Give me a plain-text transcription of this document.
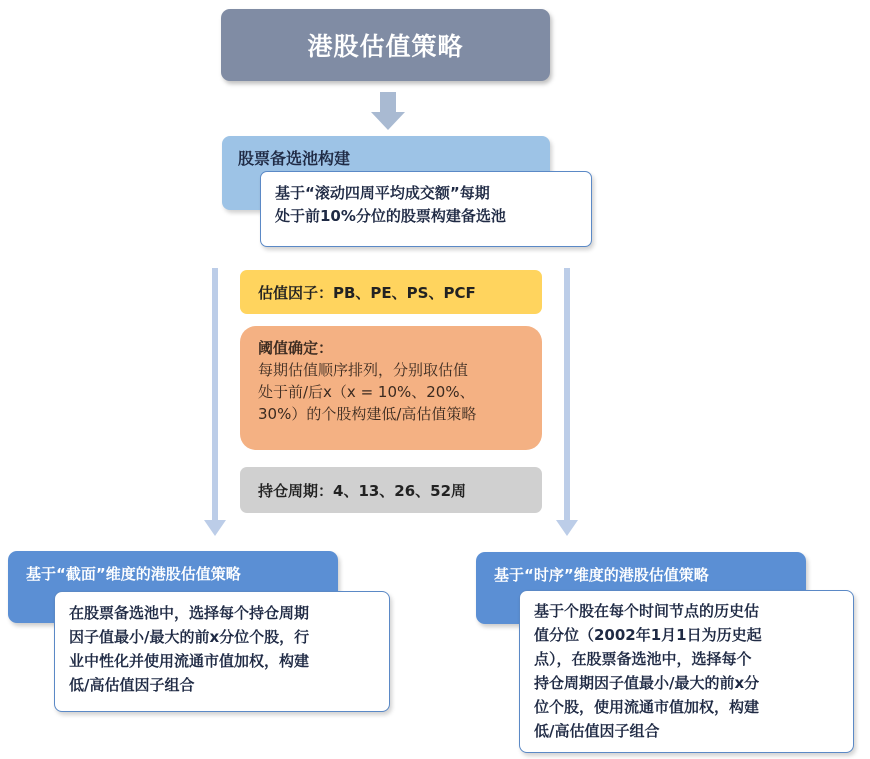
港股估值策略
股票备选池构建
基于“滚动四周平均成交额”每期
处于前10%分位的股票构建备选池
估值因子：PB、PE、PS、PCF
阈值确定：
每期估值顺序排列，分别取估值
处于前/后x（x = 10%、20%、
30%）的个股构建低/高估值策略
持仓周期：4、13、26、52周
基于“截面”维度的港股估值策略
在股票备选池中，选择每个持仓周期
因子值最小/最大的前x分位个股，行
业中性化并使用流通市值加权，构建
低/高估值因子组合
基于“时序”维度的港股估值策略
基于个股在每个时间节点的历史估
值分位（2002年1月1日为历史起
点），在股票备选池中，选择每个
持仓周期因子值最小/最大的前x分
位个股，使用流通市值加权，构建
低/高估值因子组合
